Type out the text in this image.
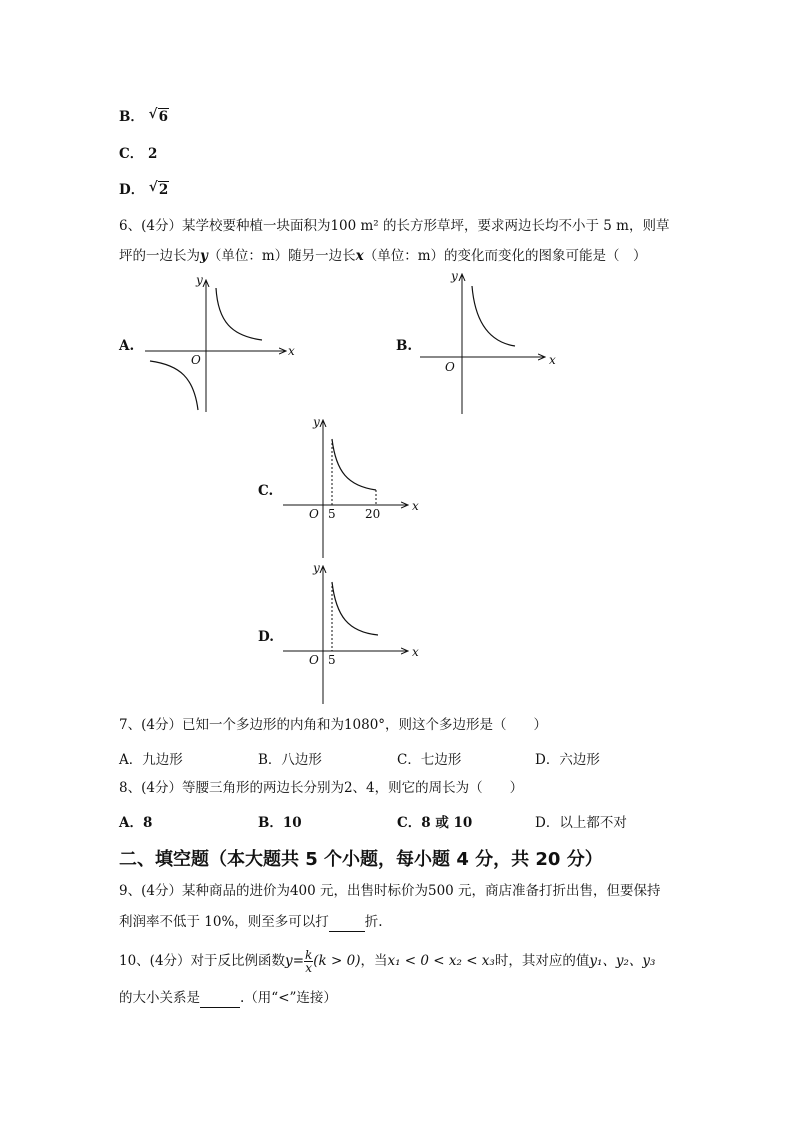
B． √ 6
C． 2
D． √ 2
6、(4分）某学校要种植一块面积为100 m² 的长方形草坪，要求两边长均不小于 5 m，则草
坪的一边长为y（单位：m）随另一边长x（单位：m）的变化而变化的图象可能是（　）
A.	x
y
O
B.
x
y
O
C.
x
y
O 5 20
D.
x
y
O 5
7、(4分）已知一个多边形的内角和为1080°，则这个多边形是（　　）
A．九边形	B．八边形	C．七边形	D．六边形
8、(4分）等腰三角形的两边长分别为2、4，则它的周长为（　　）
A．8	B．10	C．8 或 10	D．以上都不对
二、填空题（本大题共 5 个小题，每小题 4 分，共 20 分）
9、(4分）某种商品的进价为400 元，出售时标价为500 元，商店准备打折出售，但要保持
利润率不低于 10%，则至多可以打	折.
10、(4分）对于反比例函数$y= \frac{k}{x} (k > 0)$，当x₁ < 0 < x₂ < x₃时，其对应的值y₁、y₂、y₃
的大小关系是	.（用“<”连接）
